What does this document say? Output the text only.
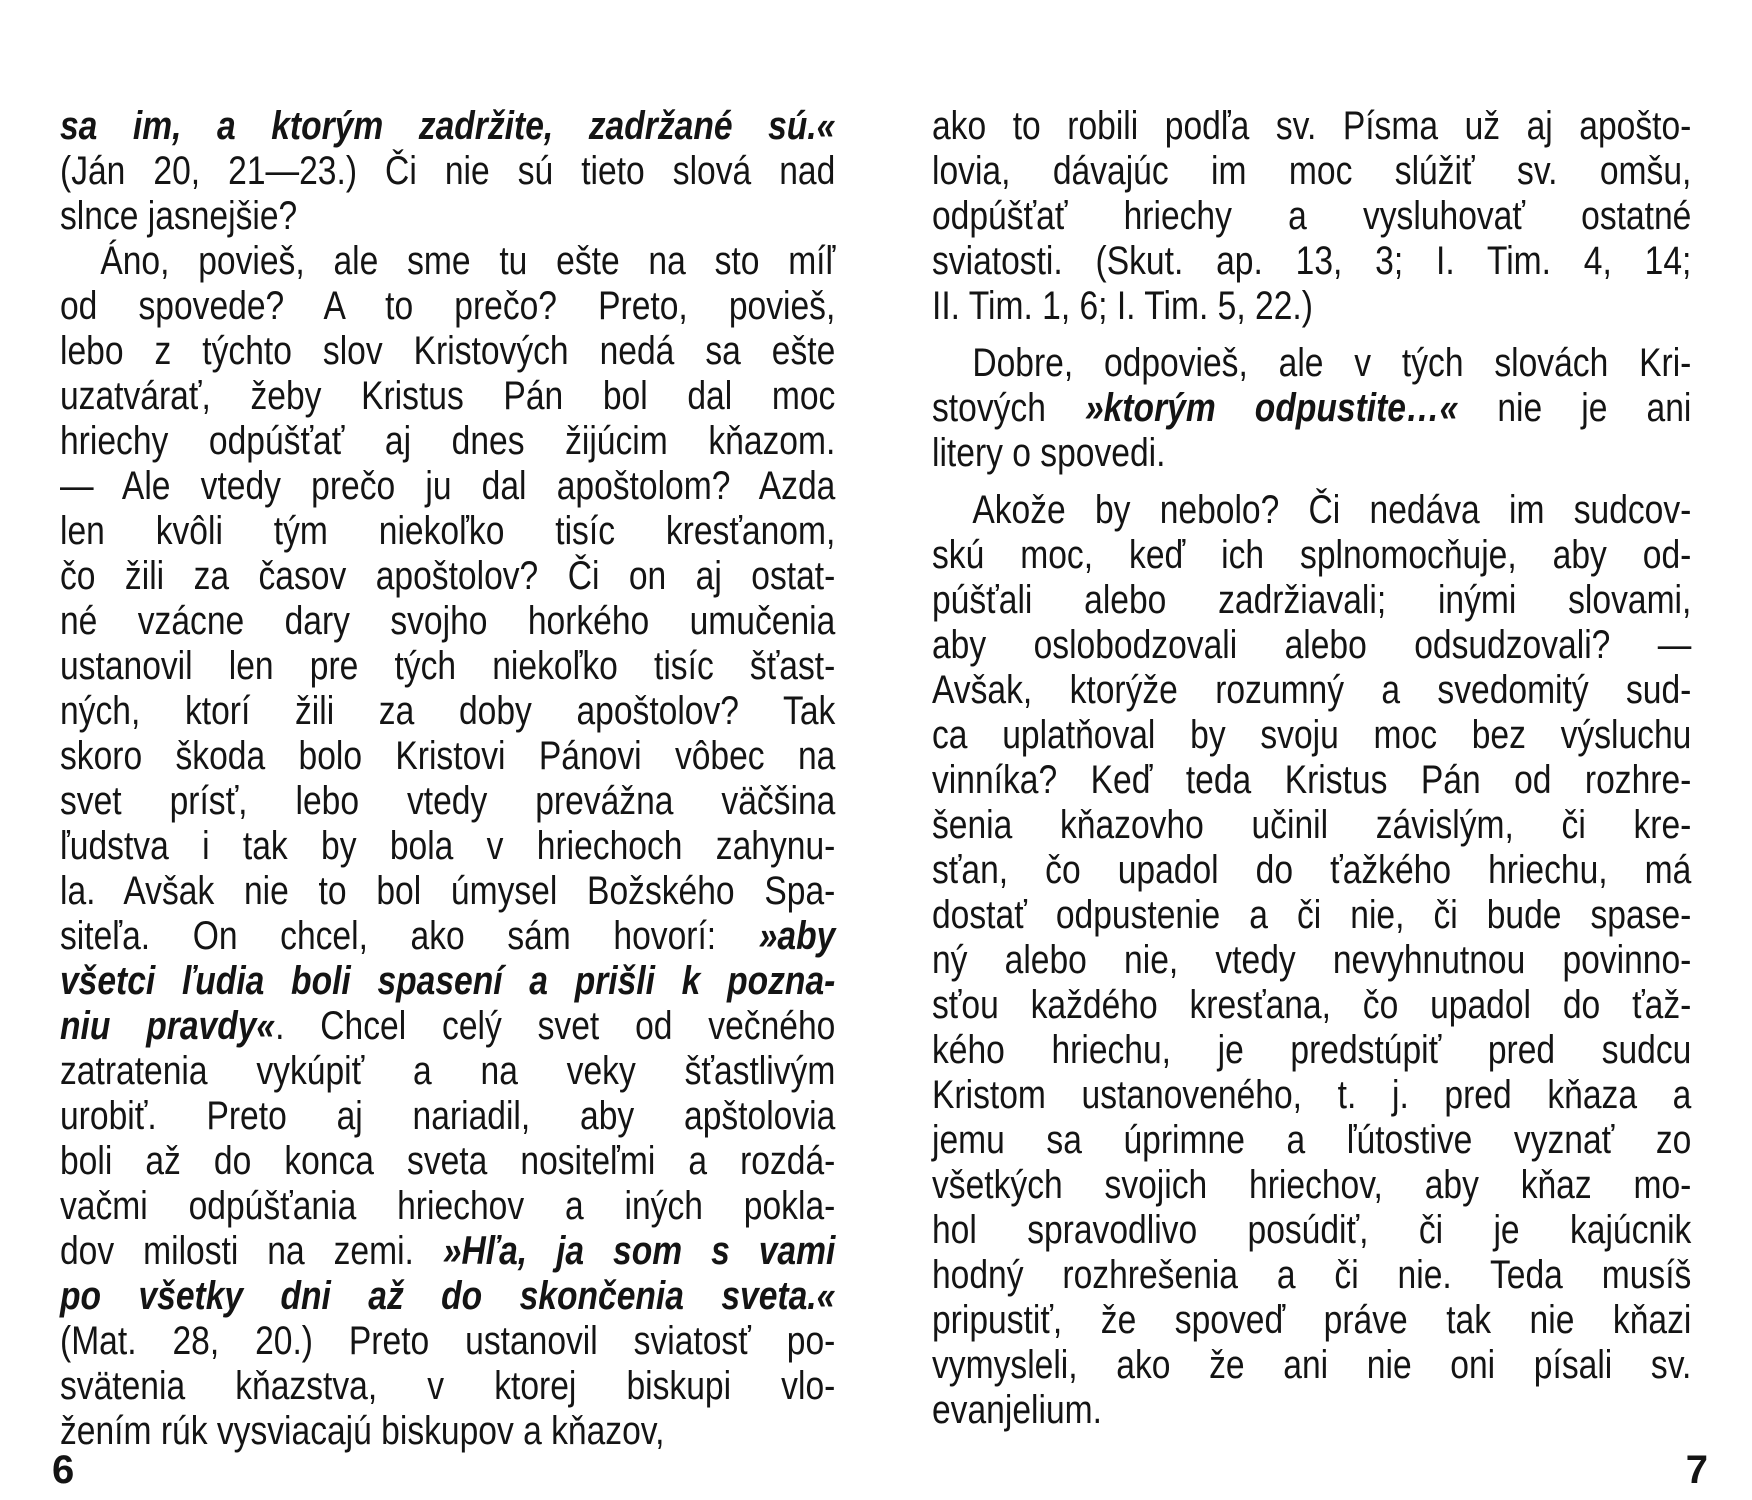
sa im, a ktorým zadržite, zadržané sú.«

(Ján 20, 21—23.) Či nie sú tieto slová nad

slnce jasnejšie?

Áno, povieš, ale sme tu ešte na sto míľ

od spovede? A to prečo? Preto, povieš,

lebo z týchto slov Kristových nedá sa ešte

uzatvárať, žeby Kristus Pán bol dal moc

hriechy odpúšťať aj dnes žijúcim kňazom.

— Ale vtedy prečo ju dal apoštolom? Azda

len kvôli tým niekoľko tisíc kresťanom,

čo žili za časov apoštolov? Či on aj ostat-

né vzácne dary svojho horkého umučenia

ustanovil len pre tých niekoľko tisíc šťast-

ných, ktorí žili za doby apoštolov? Tak

skoro škoda bolo Kristovi Pánovi vôbec na

svet prísť, lebo vtedy prevážna väčšina

ľudstva i tak by bola v hriechoch zahynu-

la. Avšak nie to bol úmysel Božského Spa-

siteľa. On chcel, ako sám hovorí: »aby

všetci ľudia boli spasení a prišli k pozna-

niu pravdy«. Chcel celý svet od večného

zatratenia vykúpiť a na veky šťastlivým

urobiť. Preto aj nariadil, aby apštolovia

boli až do konca sveta nositeľmi a rozdá-

vačmi odpúšťania hriechov a iných pokla-

dov milosti na zemi. »Hľa, ja som s vami

po všetky dni až do skončenia sveta.«

(Mat. 28, 20.) Preto ustanovil sviatosť po-

svätenia kňazstva, v ktorej biskupi vlo-

žením rúk vysviacajú biskupov a kňazov,

6

ako to robili podľa sv. Písma už aj apošto-

lovia, dávajúc im moc slúžiť sv. omšu,

odpúšťať hriechy a vysluhovať ostatné

sviatosti. (Skut. ap. 13, 3; I. Tim. 4, 14;

II. Tim. 1, 6; I. Tim. 5, 22.)

Dobre, odpovieš, ale v tých slovách Kri-

stových »ktorým odpustite…« nie je ani

litery o spovedi.

Akože by nebolo? Či nedáva im sudcov-

skú moc, keď ich splnomocňuje, aby od-

púšťali alebo zadržiavali; inými slovami,

aby oslobodzovali alebo odsudzovali? —

Avšak, ktorýže rozumný a svedomitý sud-

ca uplatňoval by svoju moc bez výsluchu

vinníka? Keď teda Kristus Pán od rozhre-

šenia kňazovho učinil závislým, či kre-

sťan, čo upadol do ťažkého hriechu, má

dostať odpustenie a či nie, či bude spase-

ný alebo nie, vtedy nevyhnutnou povinno-

sťou každého kresťana, čo upadol do ťaž-

kého hriechu, je predstúpiť pred sudcu

Kristom ustanoveného, t. j. pred kňaza a

jemu sa úprimne a ľútostive vyznať zo

všetkých svojich hriechov, aby kňaz mo-

hol spravodlivo posúdiť, či je kajúcnik

hodný rozhrešenia a či nie. Teda musíš

pripustiť, že spoveď práve tak nie kňazi

vymysleli, ako že ani nie oni písali sv.

evanjelium.

7
